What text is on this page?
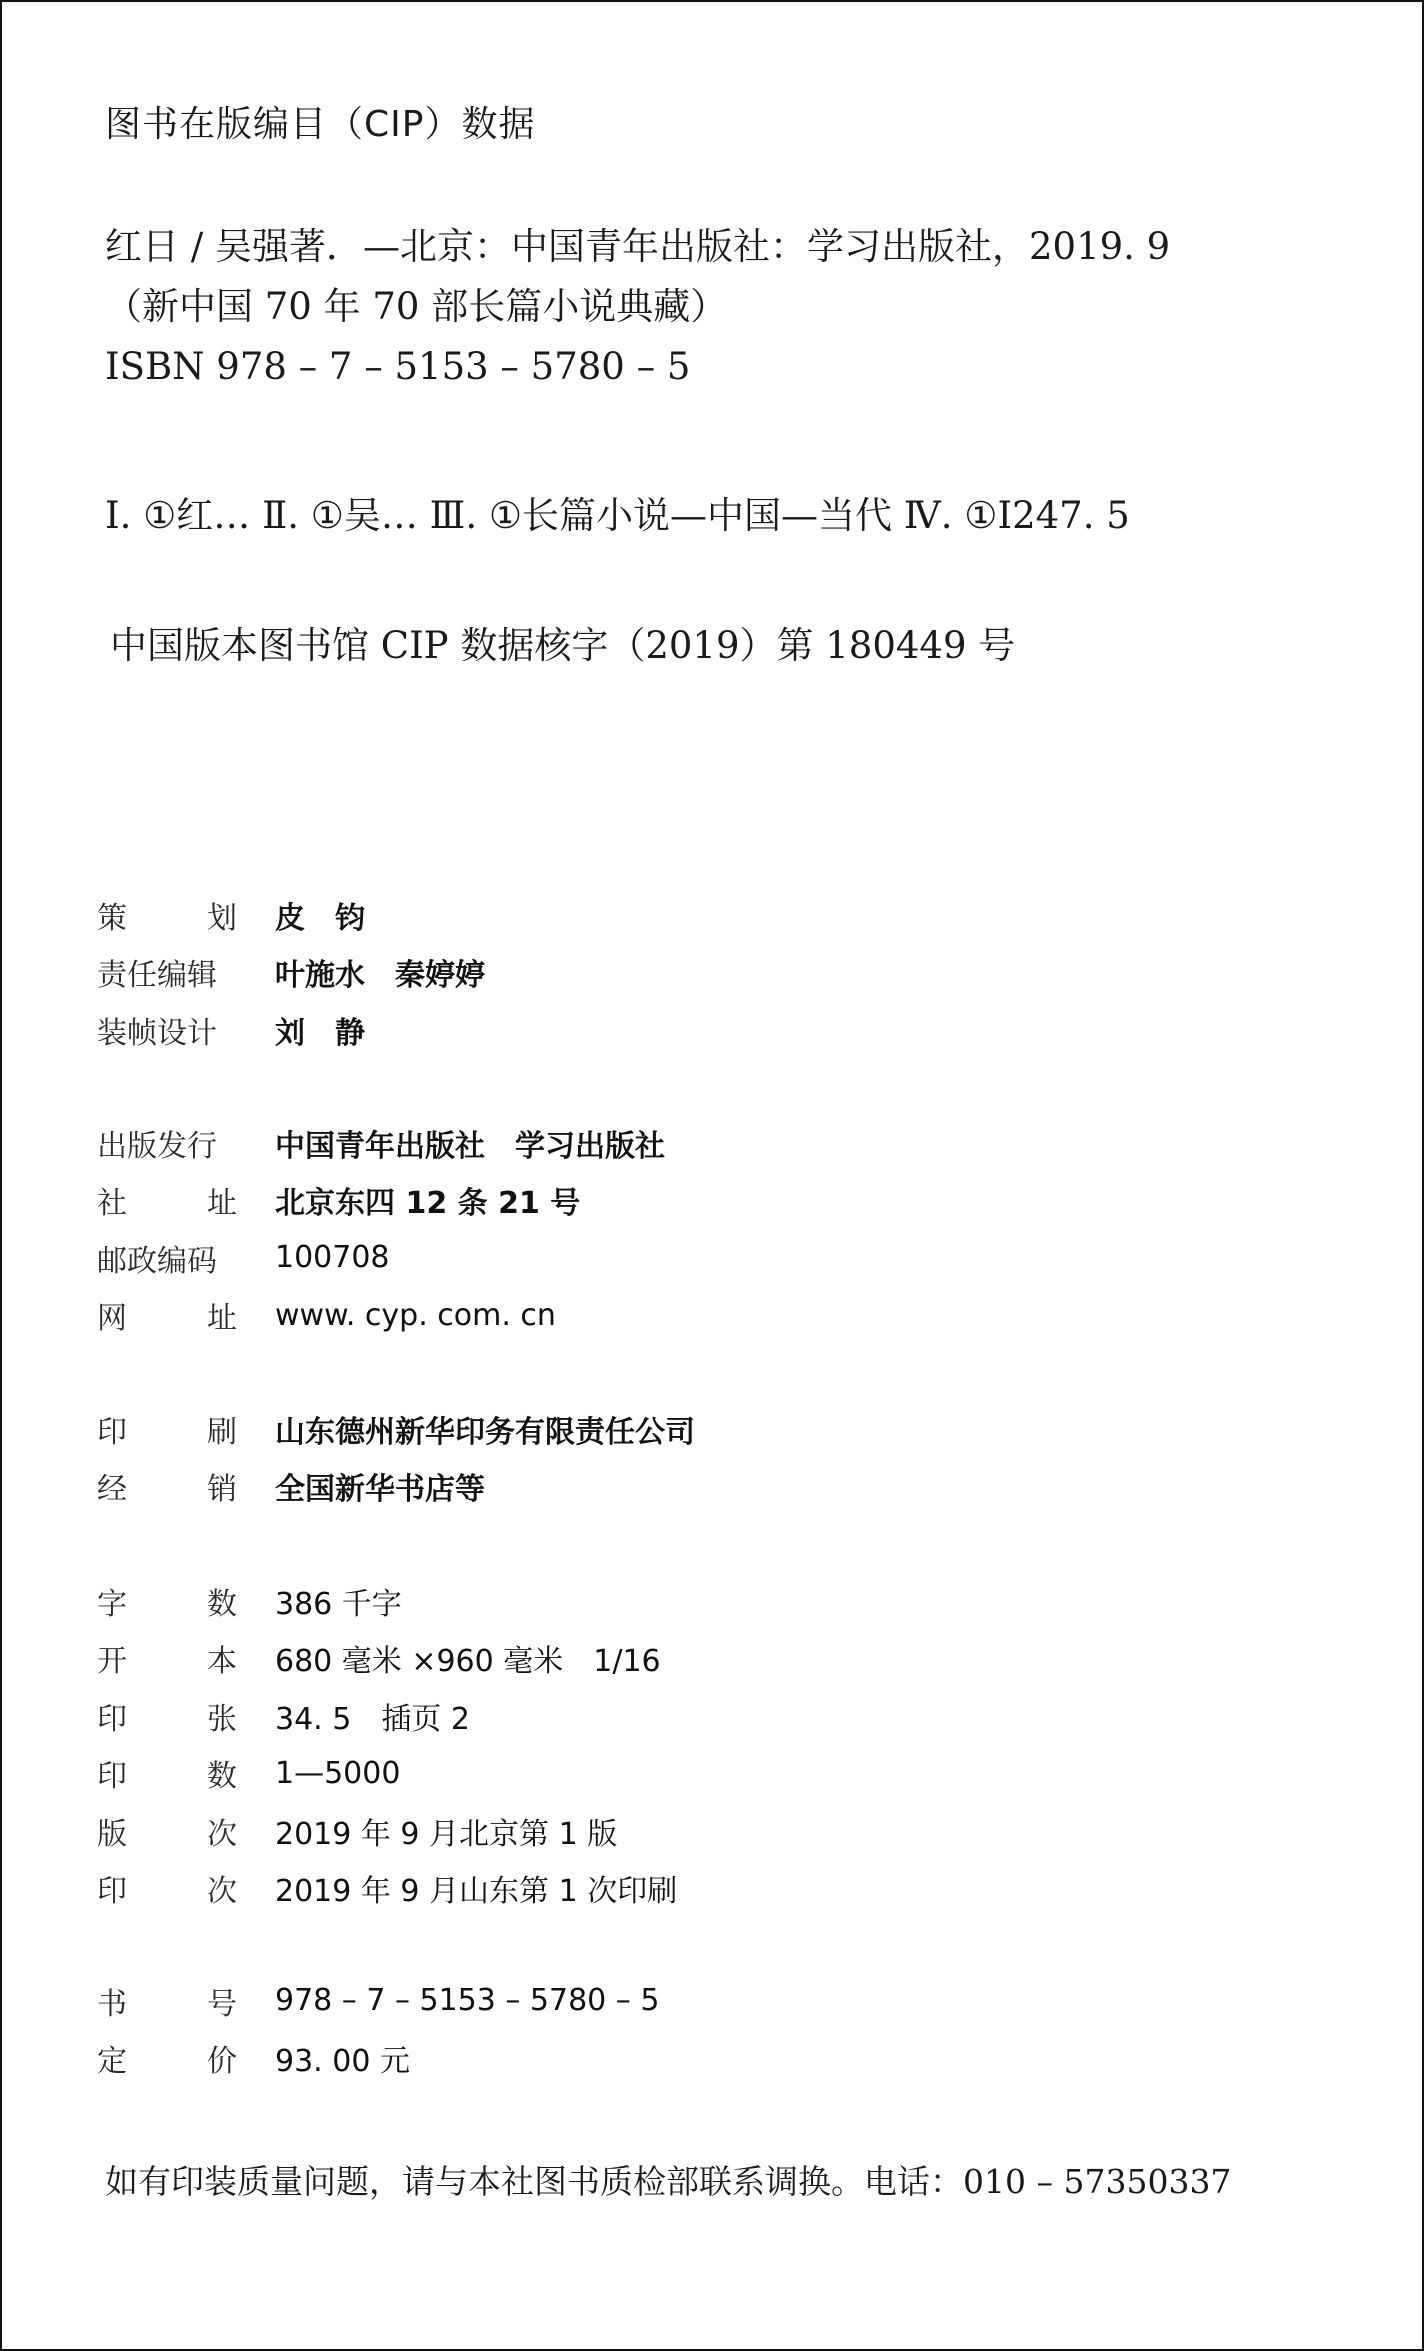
图书在版编目（CIP）数据
红日 / 吴强著．—北京：中国青年出版社：学习出版社，2019. 9
（新中国 70 年 70 部长篇小说典藏）
ISBN 978 – 7 – 5153 – 5780 – 5
Ⅰ. ①红… Ⅱ. ①吴… Ⅲ. ①长篇小说—中国—当代 Ⅳ. ①I247. 5
中国版本图书馆 CIP 数据核字（2019）第 180449 号
策	划 皮　钧
责任编辑 叶施水　秦婷婷
装帧设计 刘　静
出版发行 中国青年出版社　学习出版社
社	址 北京东四 12 条 21 号
邮政编码 100708
网	址 www. cyp. com. cn
印	刷 山东德州新华印务有限责任公司
经	销 全国新华书店等
字	数 386 千字
开	本 680 毫米 ×960 毫米　1/16
印	张 34. 5　插页 2
印	数 1—5000
版	次 2019 年 9 月北京第 1 版
印	次 2019 年 9 月山东第 1 次印刷
书	号 978 – 7 – 5153 – 5780 – 5
定	价 93. 00 元
如有印装质量问题，请与本社图书质检部联系调换。电话：010 – 57350337
